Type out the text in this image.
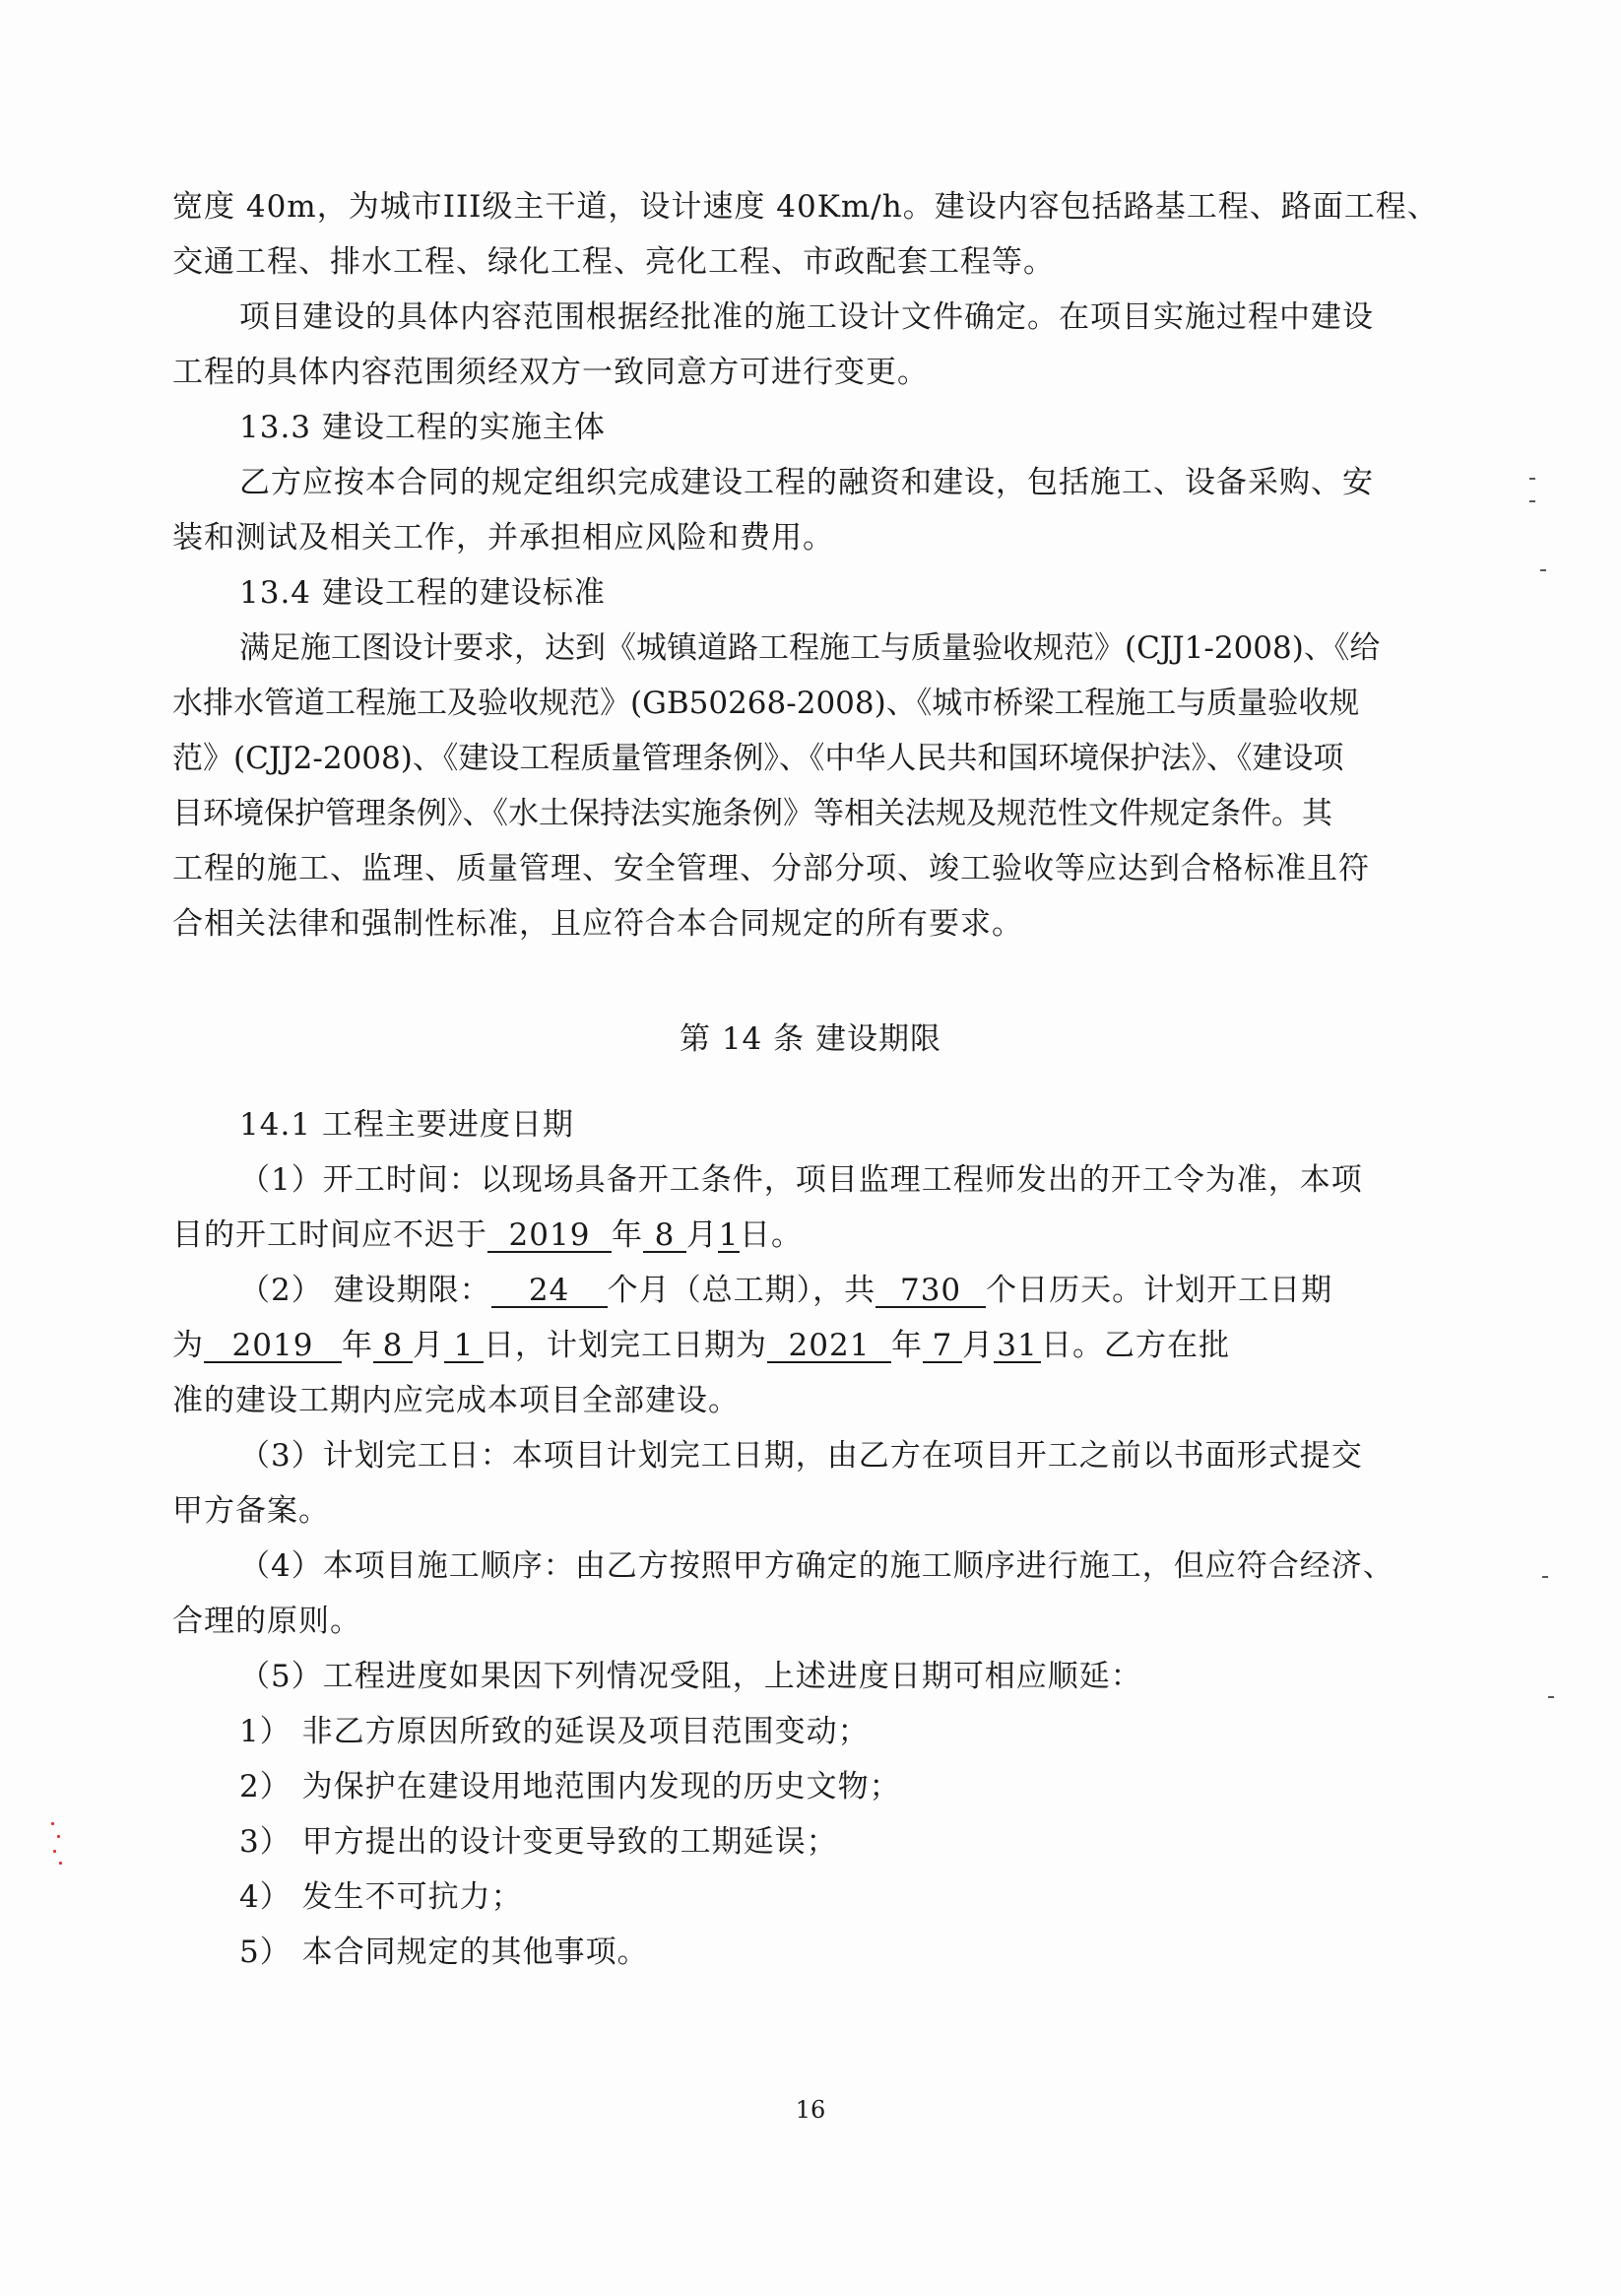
宽度 40m，为城市III级主干道，设计速度 40Km/h。建设内容包括路基工程、路面工程、
交通工程、排水工程、绿化工程、亮化工程、市政配套工程等。
项目建设的具体内容范围根据经批准的施工设计文件确定。在项目实施过程中建设
工程的具体内容范围须经双方一致同意方可进行变更。
13.3 建设工程的实施主体
乙方应按本合同的规定组织完成建设工程的融资和建设，包括施工、设备采购、安
装和测试及相关工作，并承担相应风险和费用。
13.4 建设工程的建设标准
满足施工图设计要求，达到《城镇道路工程施工与质量验收规范》(CJJ1-2008)、《给
水排水管道工程施工及验收规范》(GB50268-2008)、《城市桥梁工程施工与质量验收规
范》(CJJ2-2008)、《建设工程质量管理条例》、《中华人民共和国环境保护法》、《建设项
目环境保护管理条例》、《水土保持法实施条例》等相关法规及规范性文件规定条件。其
工程的施工、监理、质量管理、安全管理、分部分项、竣工验收等应达到合格标准且符
合相关法律和强制性标准，且应符合本合同规定的所有要求。
第 14 条 建设期限
14.1 工程主要进度日期
（1）开工时间：以现场具备开工条件，项目监理工程师发出的开工令为准，本项
目的开工时间应不迟于 2019 年 8 月1日。
（2） 建设期限： 24 个月（总工期），共 730 个日历天。计划开工日期
为 2019 年 8 月 1 日，计划完工日期为 2021 年 7 月 31 日。乙方在批
准的建设工期内应完成本项目全部建设。
（3）计划完工日：本项目计划完工日期，由乙方在项目开工之前以书面形式提交
甲方备案。
（4）本项目施工顺序：由乙方按照甲方确定的施工顺序进行施工，但应符合经济、
合理的原则。
（5）工程进度如果因下列情况受阻，上述进度日期可相应顺延：
1） 非乙方原因所致的延误及项目范围变动；
2） 为保护在建设用地范围内发现的历史文物；
3） 甲方提出的设计变更导致的工期延误；
4） 发生不可抗力；
5） 本合同规定的其他事项。
16
